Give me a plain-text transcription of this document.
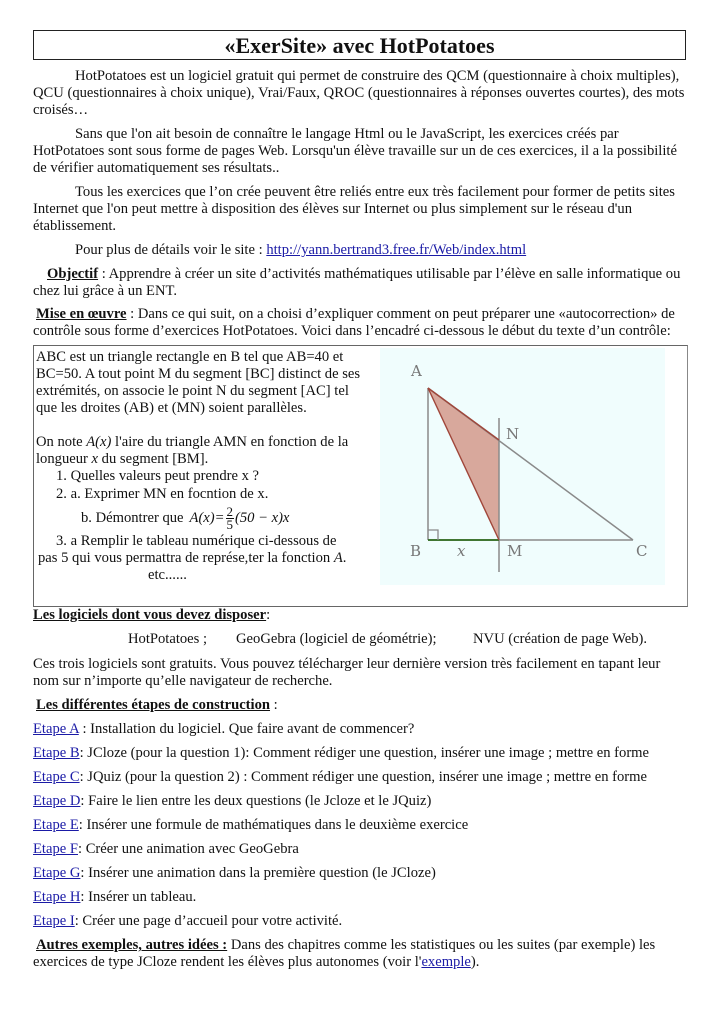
«ExerSite» avec HotPotatoes
HotPotatoes est un logiciel gratuit qui permet de construire des QCM (questionnaire à choix multiples), QCU (questionnaires à choix unique), Vrai/Faux, QROC (questionnaires à réponses ouvertes courtes), des mots croisés…
Sans que l'on ait besoin de connaître le langage Html ou le JavaScript, les exercices créés par HotPotatoes sont sous forme de pages Web. Lorsqu'un élève travaille sur un de ces exercices, il a la possibilité de vérifier automatiquement ses résultats..
Tous les exercices que l’on crée peuvent être reliés entre eux très facilement pour former de petits sites Internet que l'on peut mettre à disposition des élèves sur Internet ou plus simplement sur le réseau d'un établissement.
Pour plus de détails voir le site : http://yann.bertrand3.free.fr/Web/index.html
Objectif : Apprendre à créer un site d’activités mathématiques utilisable par l’élève en salle informatique ou chez lui grâce à un ENT.
Mise en œuvre : Dans ce qui suit, on a choisi d’expliquer comment on peut préparer une «autocorrection» de contrôle sous forme d’exercices HotPotatoes. Voici dans l’encadré ci-dessous le début du texte d’un contrôle:
ABC est un triangle rectangle en B tel que AB=40 et BC=50. A tout point M du segment [BC] distinct de ses extrémités, on associe le point N du segment [AC] tel que les droites (AB) et (MN) soient parallèles.
On note A(x) l'aire du triangle AMN en fonction de la longueur x du segment [BM].
1. Quelles valeurs peut prendre x ?
2. a. Exprimer MN en focntion de x.
b. Démontrer que $A(x)= \frac{2}{5} (50 - x)x$
3. a Remplir le tableau numérique ci-dessous de
pas 5 qui vous permattra de représe,ter la fonction A.
etc......
A
N
B x	M	C
Les logiciels dont vous devez disposer:
HotPotatoes ; GeoGebra (logiciel de géométrie); NVU (création de page Web).
Ces trois logiciels sont gratuits. Vous pouvez télécharger leur dernière version très facilement en tapant leur nom sur n’importe qu’elle navigateur de recherche.
Les différentes étapes de construction :
Etape A : Installation du logiciel. Que faire avant de commencer?
Etape B: JCloze (pour la question 1): Comment rédiger une question, insérer une image ; mettre en forme
Etape C: JQuiz (pour la question 2) : Comment rédiger une question, insérer une image ; mettre en forme
Etape D: Faire le lien entre les deux questions (le Jcloze et le JQuiz)
Etape E: Insérer une formule de mathématiques dans le deuxième exercice
Etape F: Créer une animation avec GeoGebra
Etape G: Insérer une animation dans la première question (le JCloze)
Etape H: Insérer un tableau.
Etape I: Créer une page d’accueil pour votre activité.
Autres exemples, autres idées : Dans des chapitres comme les statistiques ou les suites (par exemple) les exercices de type JCloze rendent les élèves plus autonomes (voir l'exemple).
